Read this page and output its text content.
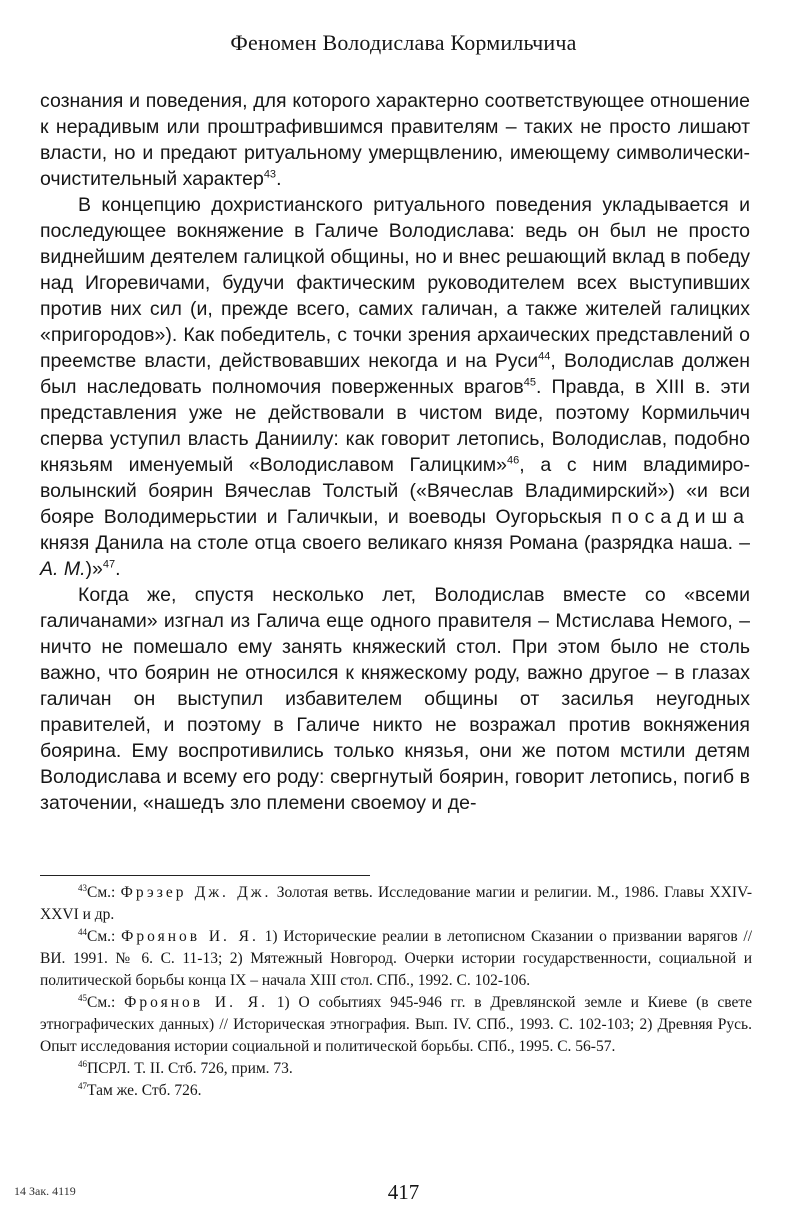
Феномен Володислава Кормильчича

сознания и поведения, для которого характерно соответствующее отношение к нерадивым или проштрафившимся правителям – таких не просто лишают власти, но и предают ритуальному умерщвлению, имеющему символически-очистительный характер$^{43}$.

В концепцию дохристианского ритуального поведения укладывается и последующее вокняжение в Галиче Володислава: ведь он был не просто виднейшим деятелем галицкой общины, но и внес решающий вклад в победу над Игоревичами, будучи фактическим руководителем всех выступивших против них сил (и, прежде всего, самих галичан, а также жителей галицких «пригородов»). Как победитель, с точки зрения архаических представлений о преемстве власти, действовавших некогда и на Руси$^{44}$, Володислав должен был наследовать полномочия поверженных врагов$^{45}$. Правда, в XIII в. эти представления уже не действовали в чистом виде, поэтому Кормильчич сперва уступил власть Даниилу: как говорит летопись, Володислав, подобно князьям именуемый «Володиславом Галицким»$^{46}$, а с ним владимиро-волынский боярин Вячеслав Толстый («Вячеслав Владимирский») «и вси бояре Володимерьстии и Галичкыи, и воеводы Оугорьскыя посадиша князя Данила на столе отца своего великаго князя Романа (разрядка наша. – А. М.)»$^{47}$.

Когда же, спустя несколько лет, Володислав вместе со «всеми галичанами» изгнал из Галича еще одного правителя – Мстислава Немого, – ничто не помешало ему занять княжеский стол. При этом было не столь важно, что боярин не относился к княжескому роду, важно другое – в глазах галичан он выступил избавителем общины от засилья неугодных правителей, и поэтому в Галиче никто не возражал против вокняжения боярина. Ему воспротивились только князья, они же потом мстили детям Володислава и всему его роду: свергнутый боярин, говорит летопись, погиб в заточении, «нашедъ зло племени своемоу и де-

$^{43}$См.: Фрэзер Дж. Дж. Золотая ветвь. Исследование магии и религии. М., 1986. Главы XXIV-XXVI и др.

$^{44}$См.: Фроянов И. Я. 1) Исторические реалии в летописном Сказании о призвании варягов // ВИ. 1991. № 6. С. 11-13; 2) Мятежный Новгород. Очерки истории государственности, социальной и политической борьбы конца IX – начала XIII стол. СПб., 1992. С. 102-106.

$^{45}$См.: Фроянов И. Я. 1) О событиях 945-946 гг. в Древлянской земле и Киеве (в свете этнографических данных) // Историческая этнография. Вып. IV. СПб., 1993. С. 102-103; 2) Древняя Русь. Опыт исследования истории социальной и политической борьбы. СПб., 1995. С. 56-57.

$^{46}$ПСРЛ. Т. II. Стб. 726, прим. 73.

$^{47}$Там же. Стб. 726.

14 Зак. 4119	417
